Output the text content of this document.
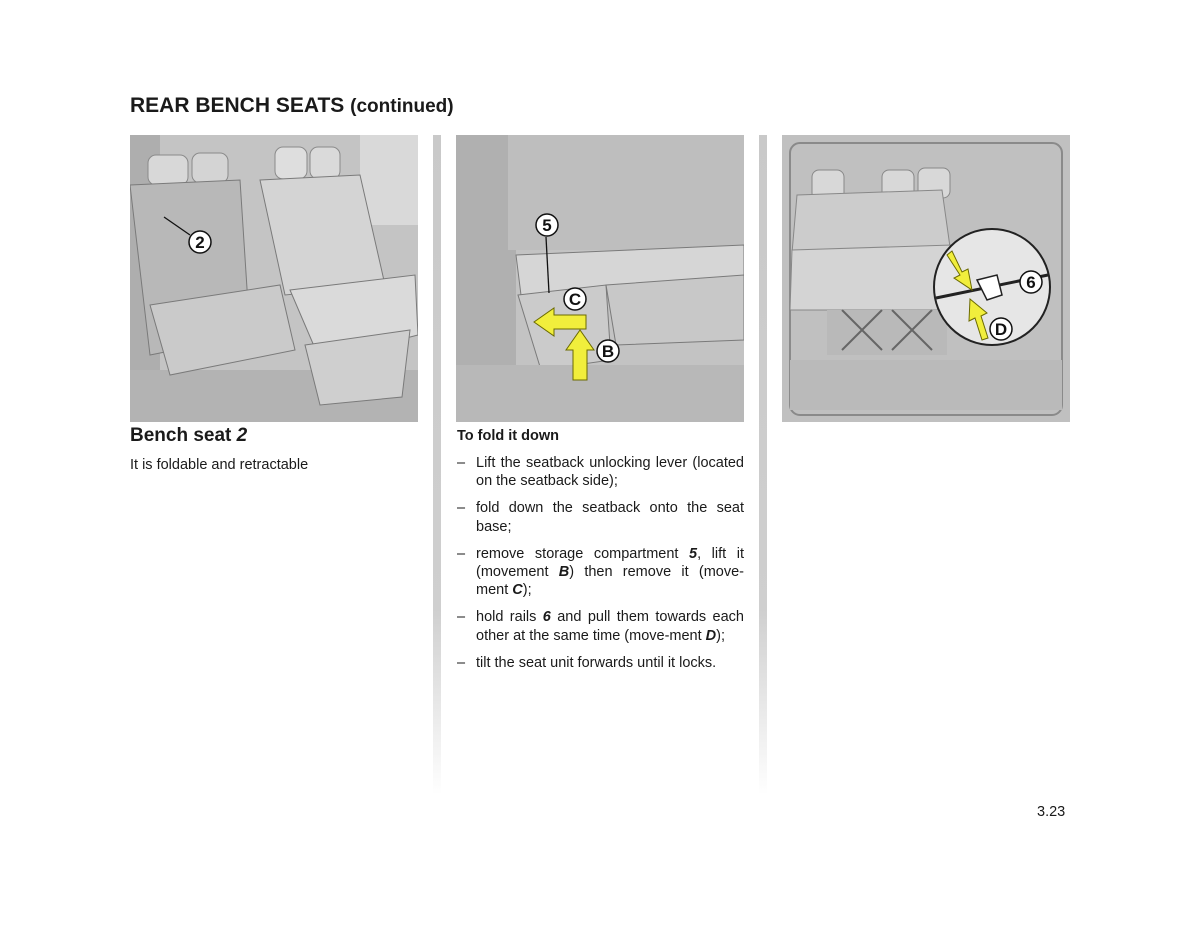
REAR BENCH SEATS (continued)
2
5
C
B
6
D
Bench seat 2

It is foldable and retractable

To fold it down
– Lift the seatback unlocking lever (located on the seatback side);
– fold down the seatback onto the seat base;
– remove storage compartment 5, lift it (movement B) then remove it (move-ment C);
– hold rails 6 and pull them towards each other at the same time (move-ment D);
– tilt the seat unit forwards until it locks.

3.23
